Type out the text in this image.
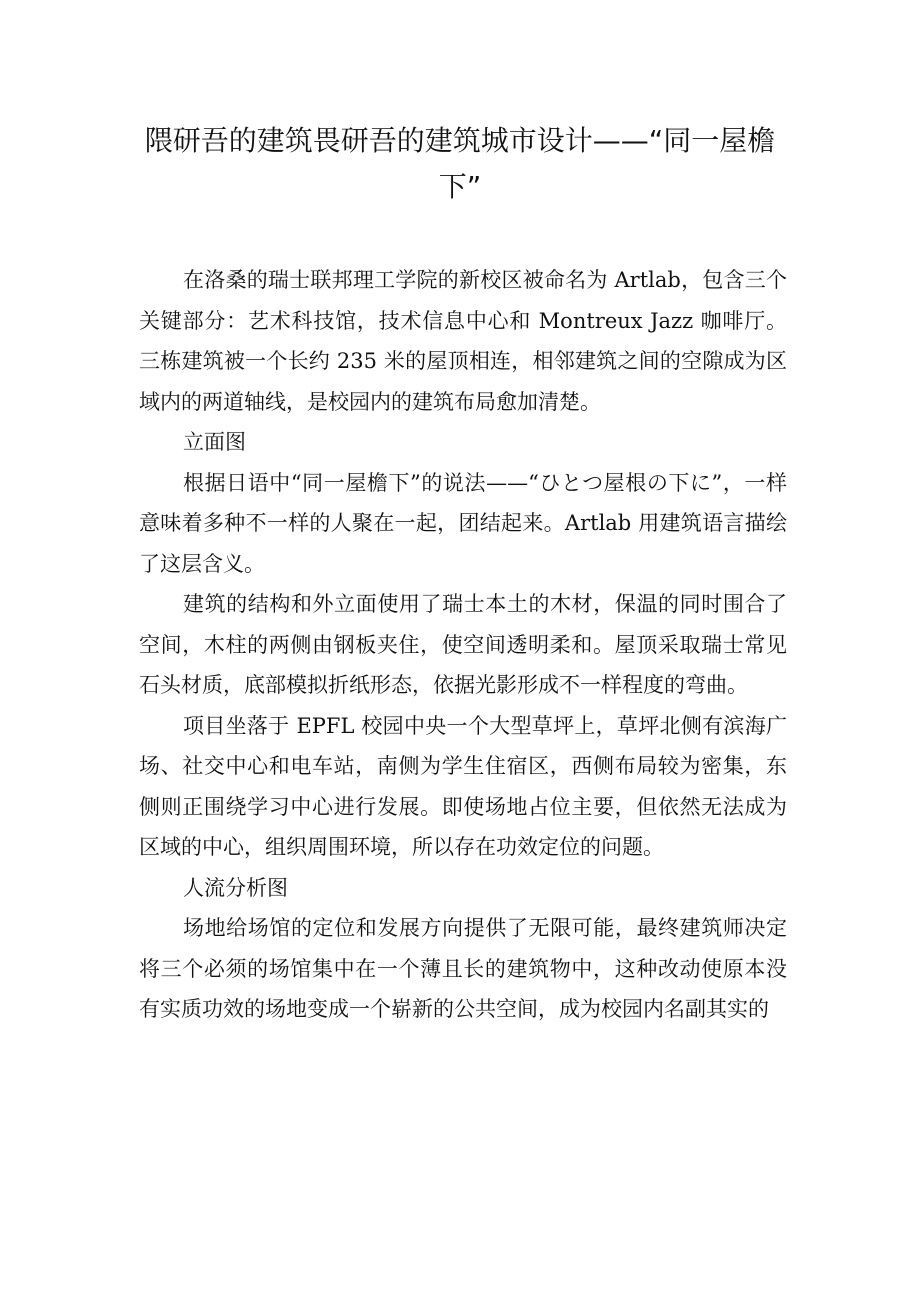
隈研吾的建筑畏研吾的建筑城市设计——“同一屋檐下”

在洛桑的瑞士联邦理工学院的新校区被命名为 Artlab，包含三个关键部分：艺术科技馆，技术信息中心和 Montreux Jazz 咖啡厅。三栋建筑被一个长约 235 米的屋顶相连，相邻建筑之间的空隙成为区域内的两道轴线，是校园内的建筑布局愈加清楚。

立面图

根据日语中“同一屋檐下”的说法——“ひとつ屋根の下に”，一样意味着多种不一样的人聚在一起，团结起来。Artlab 用建筑语言描绘了这层含义。

建筑的结构和外立面使用了瑞士本土的木材，保温的同时围合了空间，木柱的两侧由钢板夹住，使空间透明柔和。屋顶采取瑞士常见石头材质，底部模拟折纸形态，依据光影形成不一样程度的弯曲。

项目坐落于 EPFL 校园中央一个大型草坪上，草坪北侧有滨海广场、社交中心和电车站，南侧为学生住宿区，西侧布局较为密集，东侧则正围绕学习中心进行发展。即使场地占位主要，但依然无法成为区域的中心，组织周围环境，所以存在功效定位的问题。

人流分析图

场地给场馆的定位和发展方向提供了无限可能，最终建筑师决定将三个必须的场馆集中在一个薄且长的建筑物中，这种改动使原本没有实质功效的场地变成一个崭新的公共空间，成为校园内名副其实的
